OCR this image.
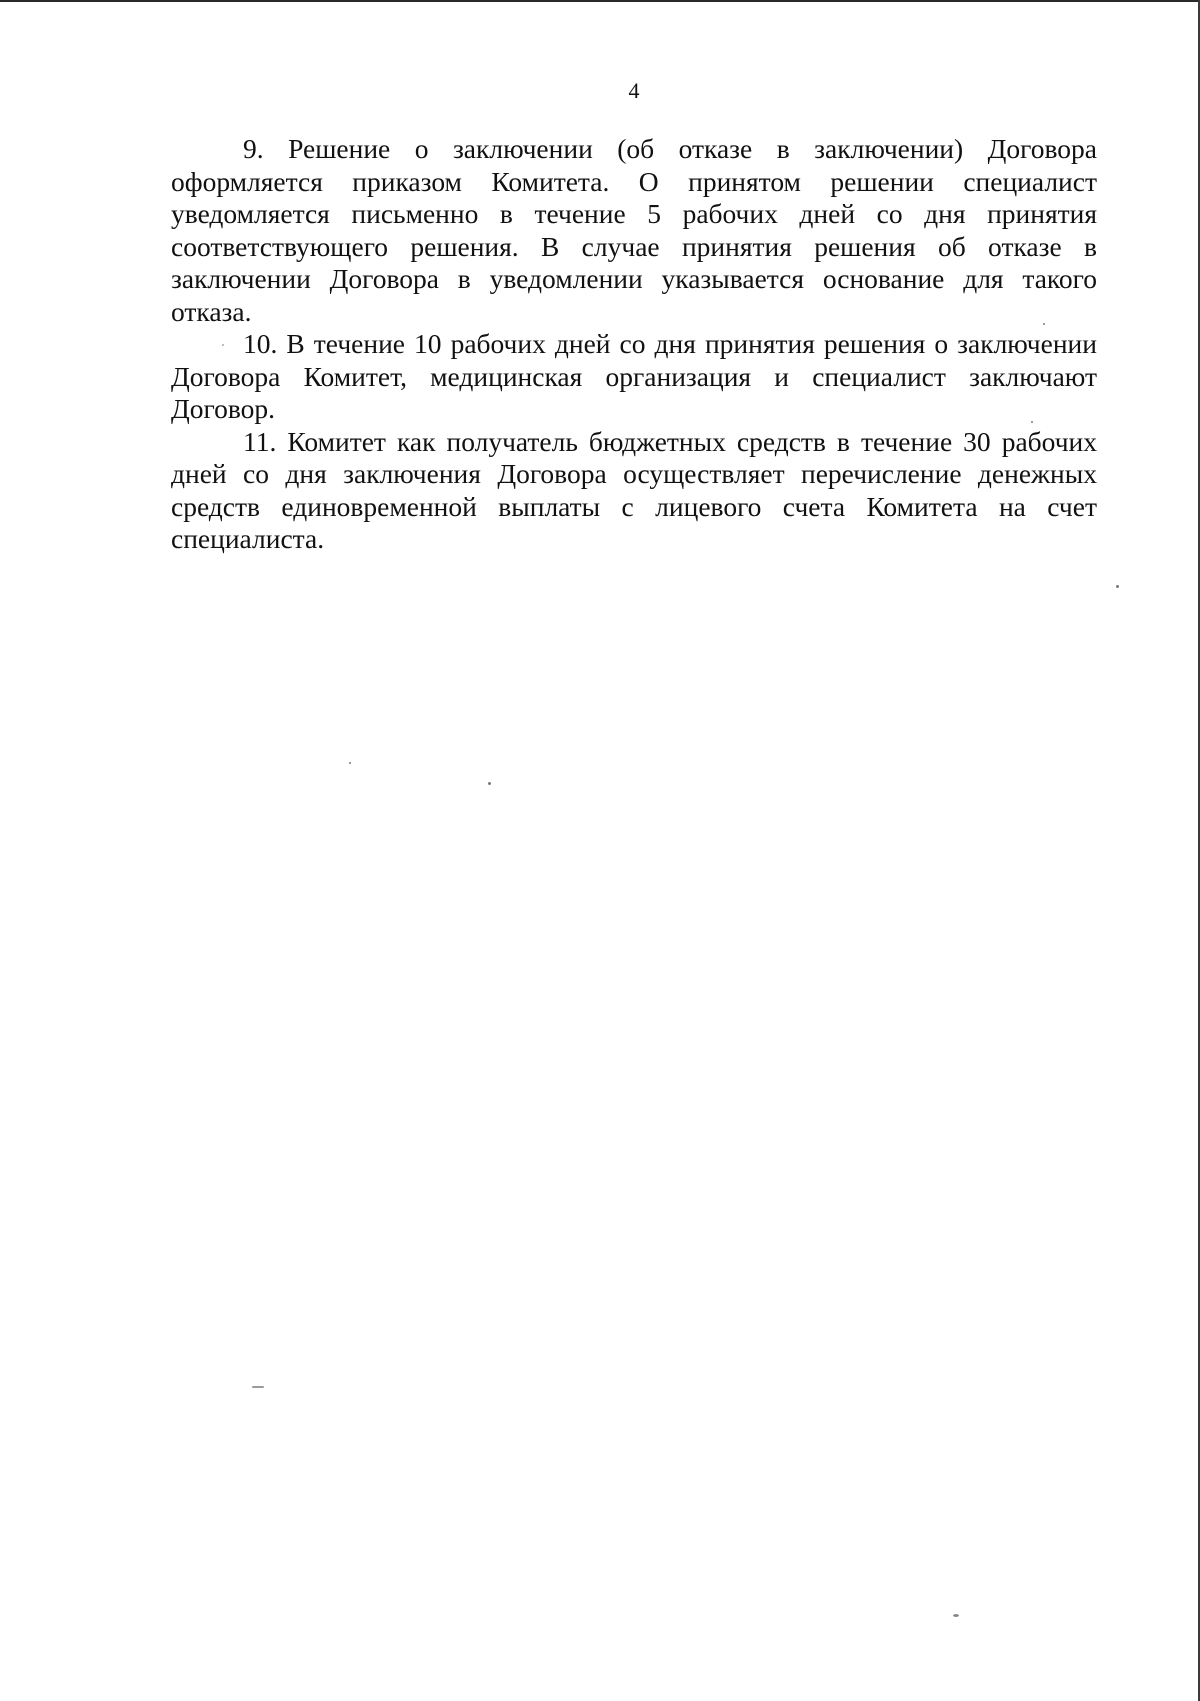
4

9. Решение о заключении (об отказе в заключении) Договора оформляется приказом Комитета. О принятом решении специалист уведомляется письменно в течение 5 рабочих дней со дня принятия соответствующего решения. В случае принятия решения об отказе в заключении Договора в уведомлении указывается основание для такого отказа.

10. В течение 10 рабочих дней со дня принятия решения о заключении Договора Комитет, медицинская организация и специалист заключают Договор.

11. Комитет как получатель бюджетных средств в течение 30 рабочих дней со дня заключения Договора осуществляет перечисление денежных средств единовременной выплаты с лицевого счета Комитета на счет специалиста.
